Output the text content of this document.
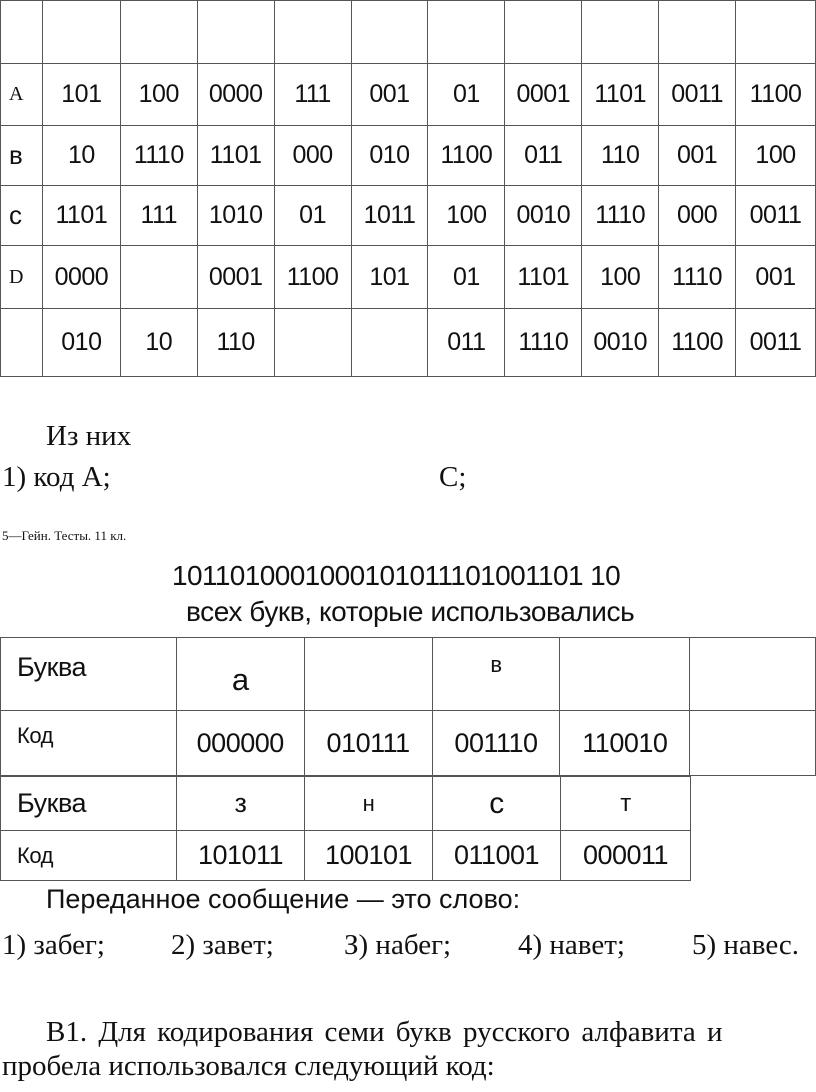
А	101	100	0000	111	001	01	0001	1101	0011	1100
в	10	1110	1101	000	010	1100	011	110	001	100
с	1101	111	1010	01	1011	100	0010	1110	000	0011
D	0000		0001	1100	101	01	1101	100	1110	001
	010	10	110			011	1110	0010	1100	0011
Из них
1) код А;	С;
5—Гейн. Тесты. 11 кл.
1011010001000101011101001101 10
всех букв, которые использовались
Буква	а		в		
Код	000000	010111	001110	110010	
Буква	з	н	с	т
Код	101011	100101	011001	000011
Переданное сообщение — это слово:
1) забег; 2) завет; З) набег; 4) навет; 5) навес.
В1. Для кодирования семи букв русского алфавита и
пробела использовался следующий код:
